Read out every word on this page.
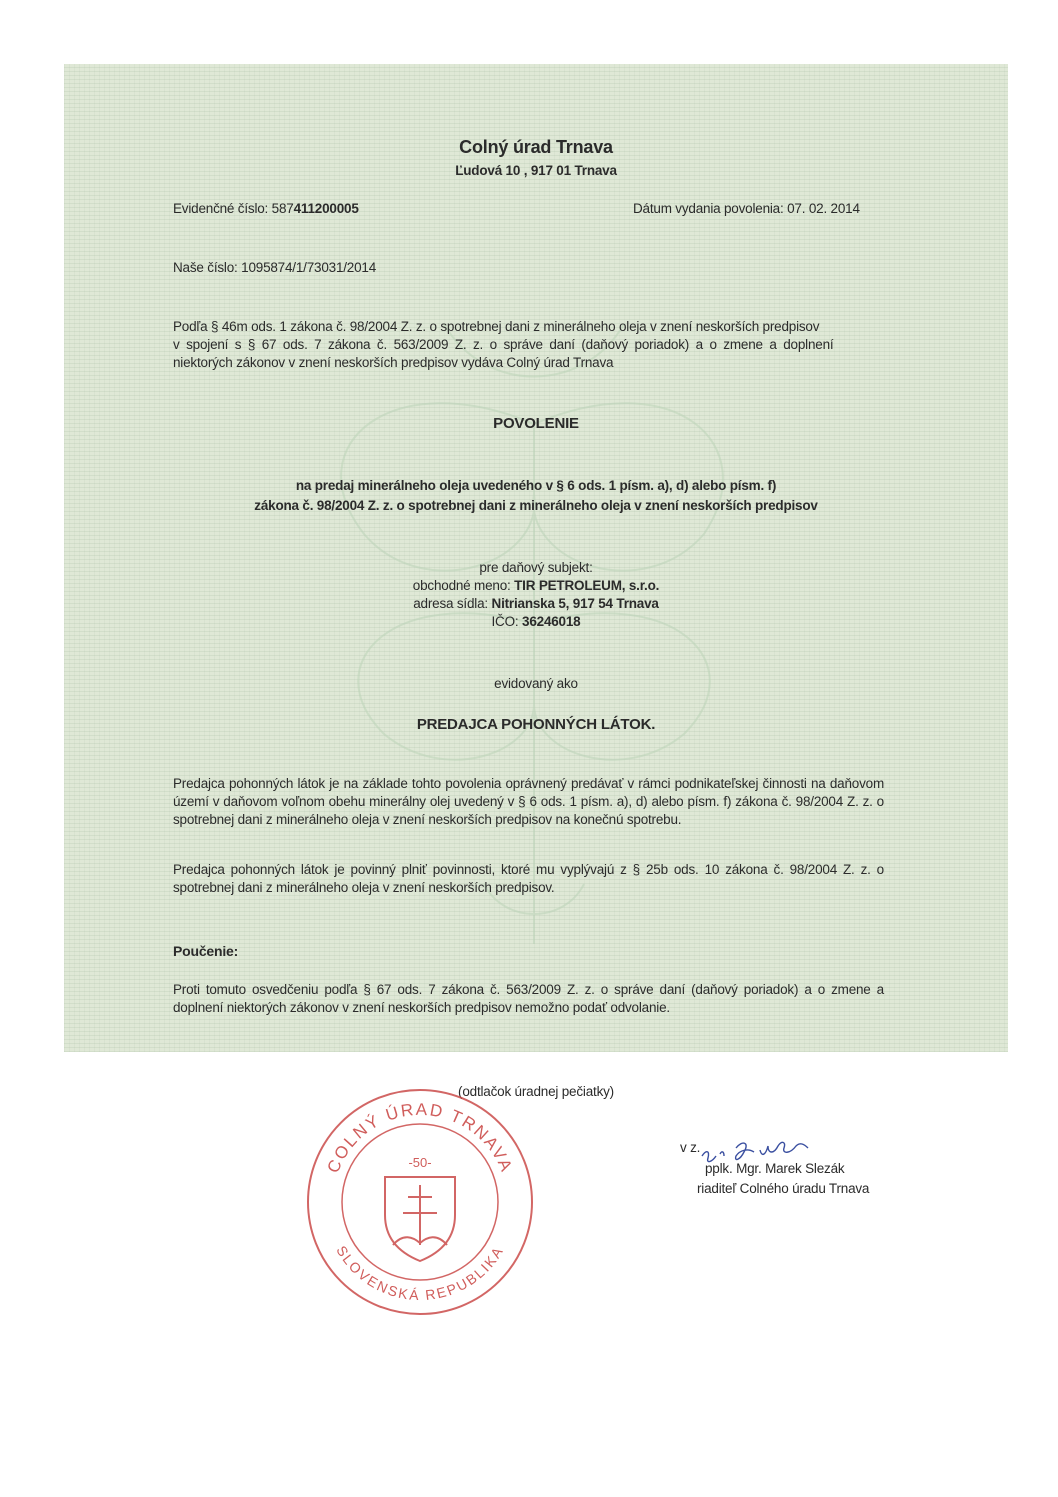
Colný úrad Trnava
Ľudová 10 , 917 01 Trnava
Evidenčné číslo: 587411200005	Dátum vydania povolenia: 07. 02. 2014
Naše číslo: 1095874/1/73031/2014
Podľa § 46m ods. 1 zákona č. 98/2004 Z. z. o spotrebnej dani z minerálneho oleja v znení neskorších predpisov
v spojení s § 67 ods. 7 zákona č. 563/2009 Z. z. o správe daní (daňový poriadok) a o zmene a doplnení
niektorých zákonov v znení neskorších predpisov vydáva Colný úrad Trnava
POVOLENIE
na predaj minerálneho oleja uvedeného v § 6 ods. 1 písm. a), d) alebo písm. f)
zákona č. 98/2004 Z. z. o spotrebnej dani z minerálneho oleja v znení neskorších predpisov
pre daňový subjekt:
obchodné meno: TIR PETROLEUM, s.r.o.
adresa sídla: Nitrianska 5, 917 54 Trnava
IČO: 36246018
evidovaný ako
PREDAJCA POHONNÝCH LÁTOK.
Predajca pohonných látok je na základe tohto povolenia oprávnený predávať v rámci podnikateľskej činnosti na daňovom území v daňovom voľnom obehu minerálny olej uvedený v § 6 ods. 1 písm. a), d) alebo písm. f) zákona č. 98/2004 Z. z. o spotrebnej dani z minerálneho oleja v znení neskorších predpisov na konečnú spotrebu.
Predajca pohonných látok je povinný plniť povinnosti, ktoré mu vyplývajú z § 25b ods. 10 zákona č. 98/2004 Z. z. o spotrebnej dani z minerálneho oleja v znení neskorších predpisov.
Poučenie:
Proti tomuto osvedčeniu podľa § 67 ods. 7 zákona č. 563/2009 Z. z. o správe daní (daňový poriadok) a o zmene a doplnení niektorých zákonov v znení neskorších predpisov nemožno podať odvolanie.
(odtlačok úradnej pečiatky)
v z.
pplk. Mgr. Marek Slezák
riaditeľ Colného úradu Trnava
COLNÝ ÚRAD TRNAVA
SLOVENSKÁ REPUBLIKA
-50-
